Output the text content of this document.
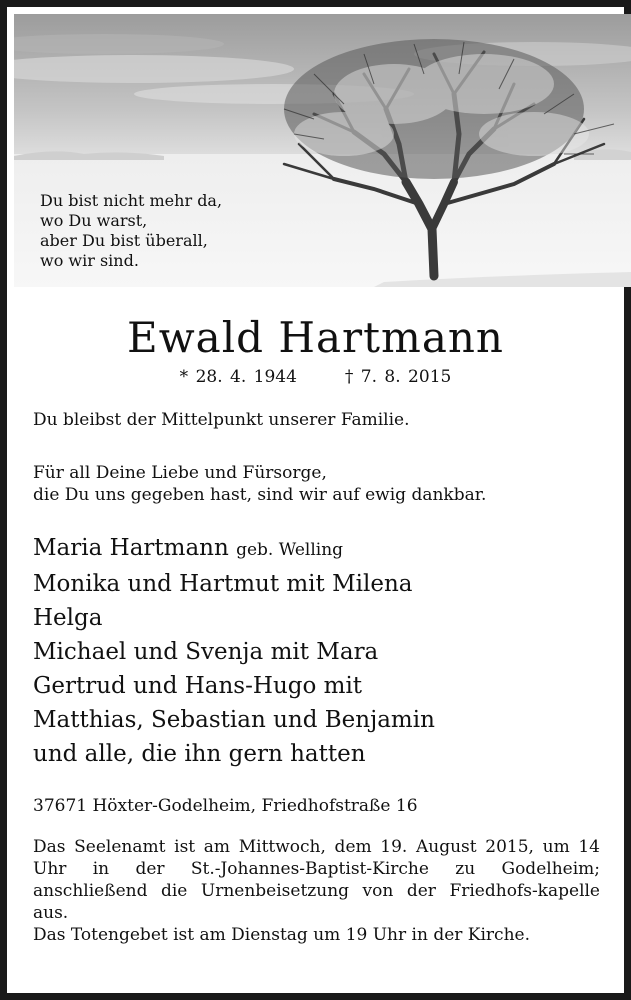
Du bist nicht mehr da,
wo Du warst,
aber Du bist überall,
wo wir sind.
Ewald Hartmann
* 28. 4. 1944	† 7. 8. 2015
Du bleibst der Mittelpunkt unserer Familie.
Für all Deine Liebe und Fürsorge,
die Du uns gegeben hast, sind wir auf ewig dankbar.
Maria Hartmann geb. Welling
Monika und Hartmut mit Milena
Helga
Michael und Svenja mit Mara
Gertrud und Hans-Hugo mit
Matthias, Sebastian und Benjamin
und alle, die ihn gern hatten
37671 Höxter-Godelheim, Friedhofstraße 16

Das Seelenamt ist am Mittwoch, dem 19. August 2015, um 14 Uhr in der St.-Johannes-Baptist-Kirche zu Godelheim; anschließend die Urnenbeisetzung von der Friedhofs-kapelle aus.

Das Totengebet ist am Dienstag um 19 Uhr in der Kirche.
